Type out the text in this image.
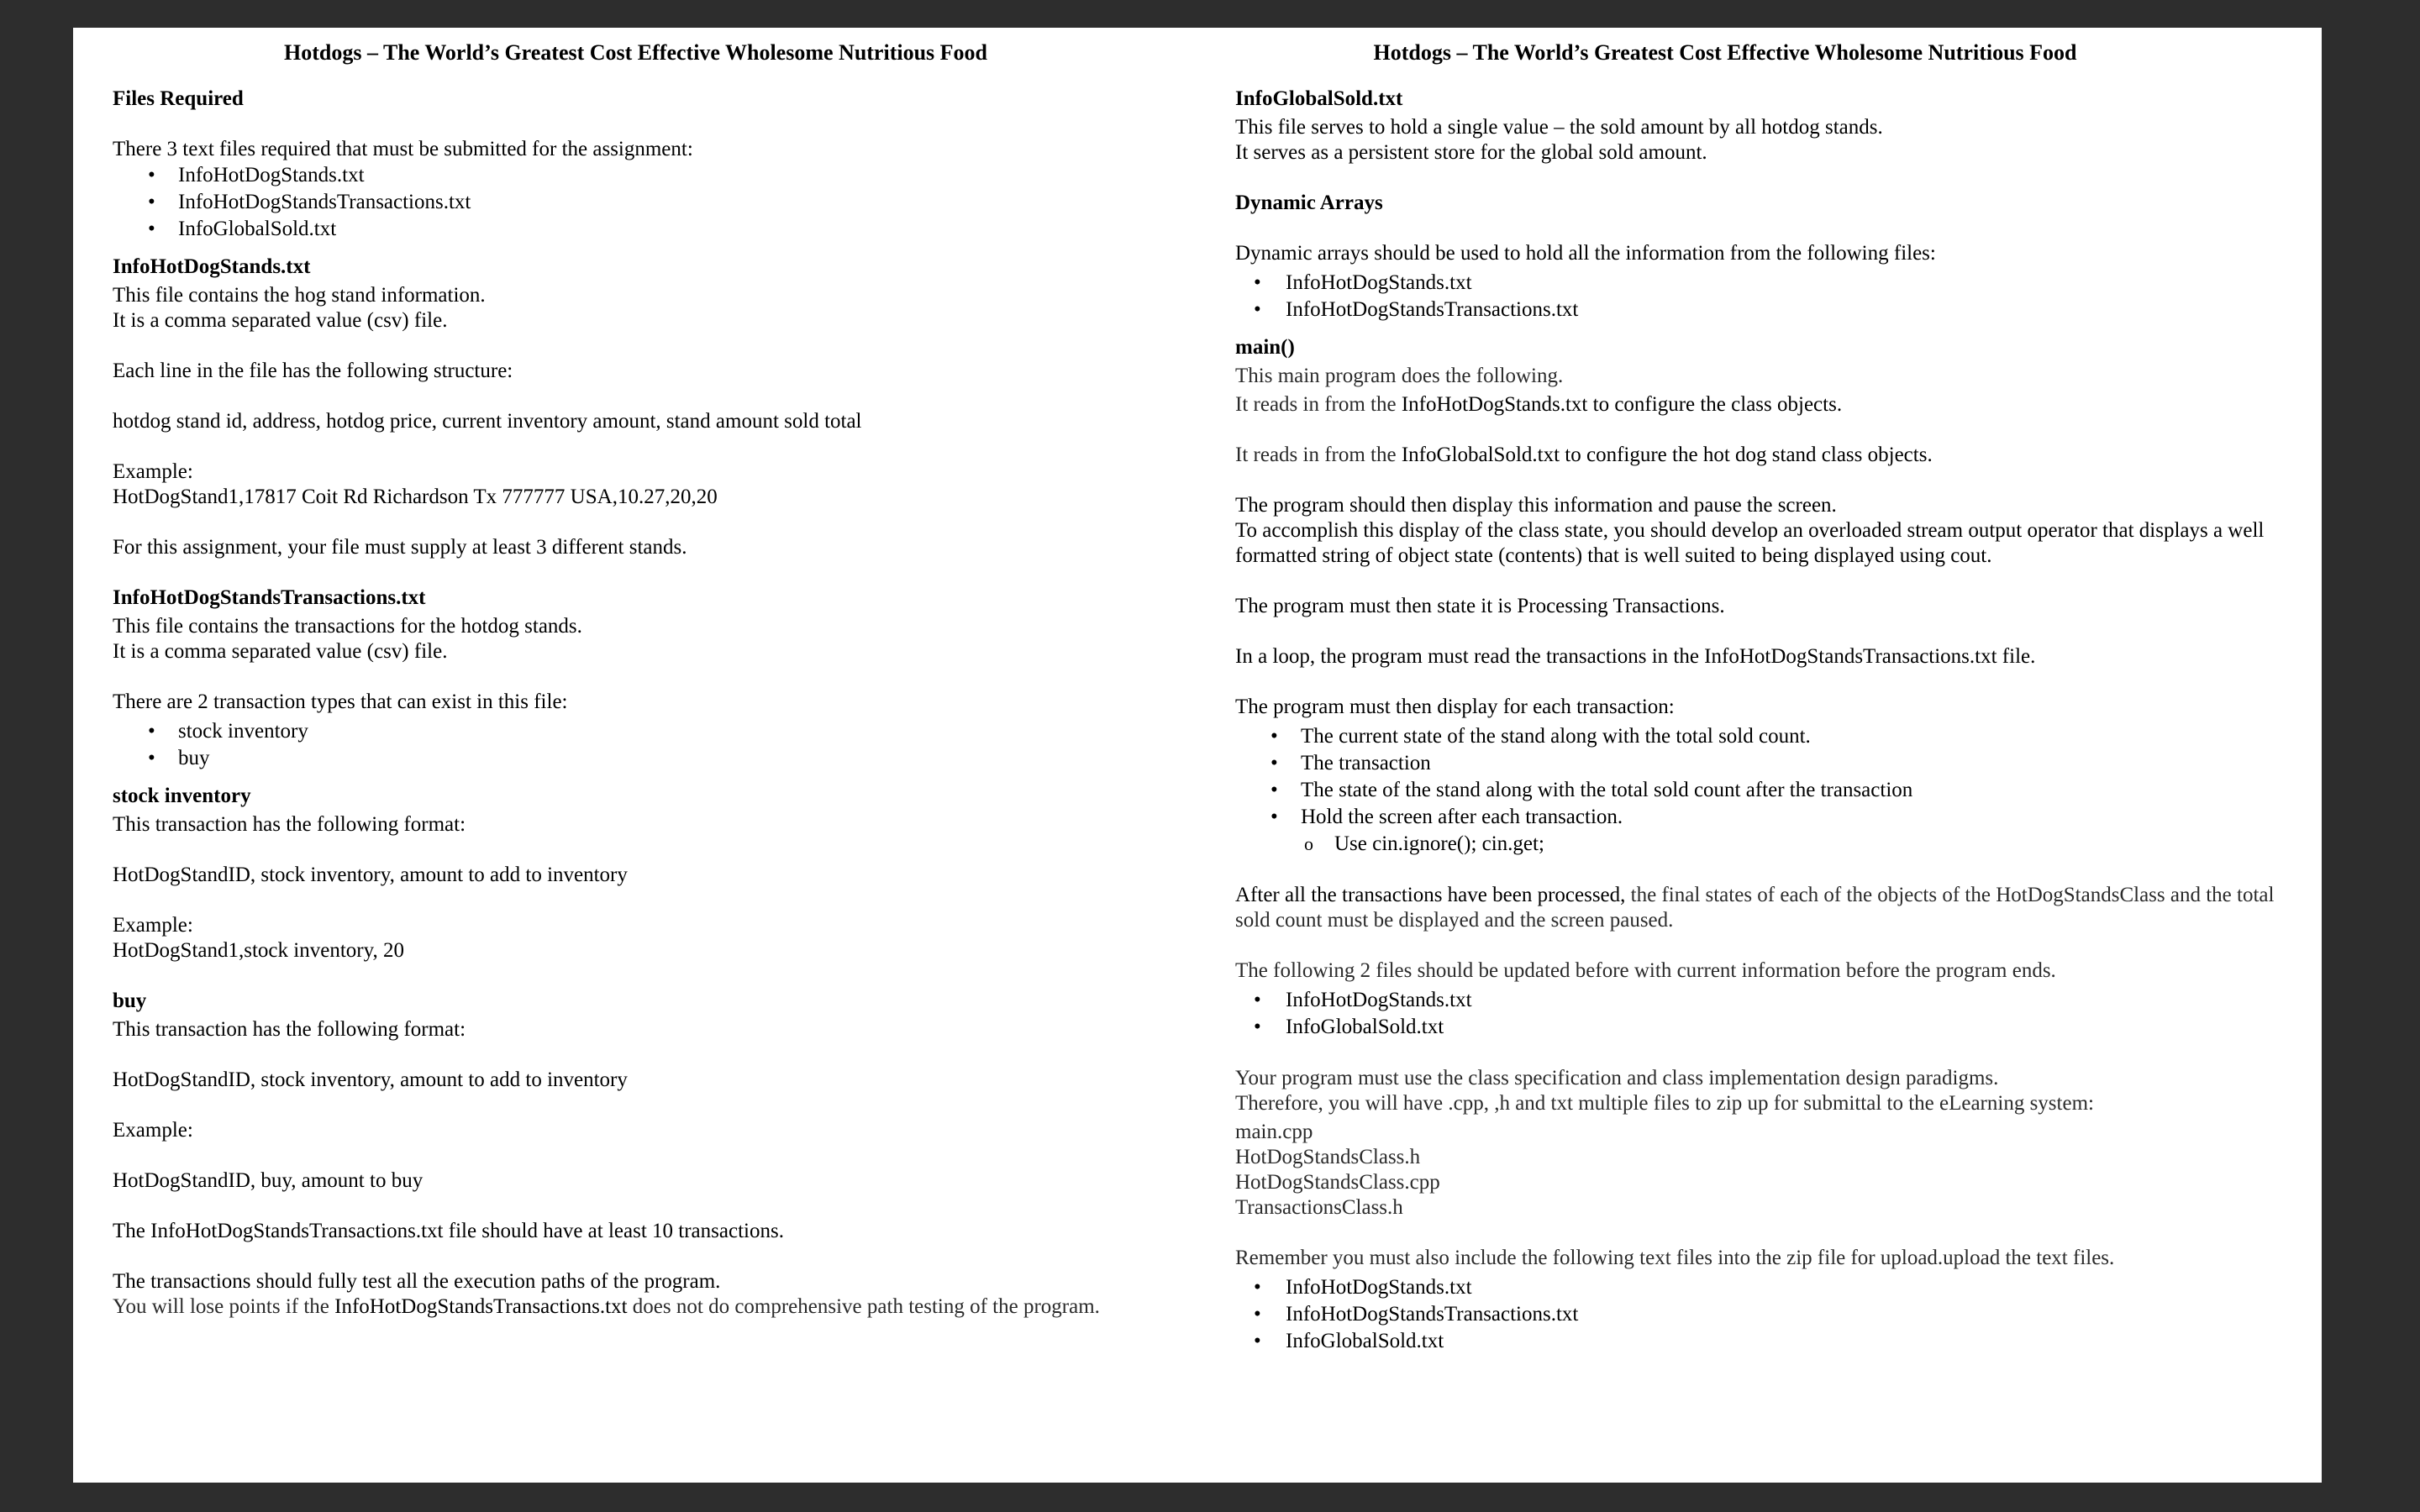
Hotdogs – The World’s Greatest Cost Effective Wholesome Nutritious Food
Files Required

There 3 text files required that must be submitted for the assignment:

• InfoHotDogStands.txt
• InfoHotDogStandsTransactions.txt
• InfoGlobalSold.txt
InfoHotDogStands.txt

This file contains the hog stand information.

It is a comma separated value (csv) file.

Each line in the file has the following structure:

hotdog stand id, address, hotdog price, current inventory amount, stand amount sold total

Example:

HotDogStand1,17817 Coit Rd Richardson Tx 777777 USA,10.27,20,20

For this assignment, your file must supply at least 3 different stands.

InfoHotDogStandsTransactions.txt

This file contains the transactions for the hotdog stands.

It is a comma separated value (csv) file.

There are 2 transaction types that can exist in this file:

• stock inventory
• buy
stock inventory

This transaction has the following format:

HotDogStandID, stock inventory, amount to add to inventory

Example:

HotDogStand1,stock inventory, 20

buy

This transaction has the following format:

HotDogStandID, stock inventory, amount to add to inventory

Example:

HotDogStandID, buy, amount to buy

The InfoHotDogStandsTransactions.txt file should have at least 10 transactions.

The transactions should fully test all the execution paths of the program.

You will lose points if the InfoHotDogStandsTransactions.txt does not do comprehensive path testing of the program.

Hotdogs – The World’s Greatest Cost Effective Wholesome Nutritious Food
InfoGlobalSold.txt

This file serves to hold a single value – the sold amount by all hotdog stands.

It serves as a persistent store for the global sold amount.

Dynamic Arrays

Dynamic arrays should be used to hold all the information from the following files:

• InfoHotDogStands.txt
• InfoHotDogStandsTransactions.txt
main()

This main program does the following.

It reads in from the InfoHotDogStands.txt to configure the class objects.

It reads in from the InfoGlobalSold.txt to configure the hot dog stand class objects.

The program should then display this information and pause the screen.

To accomplish this display of the class state, you should develop an overloaded stream output operator that displays a well formatted string of object state (contents) that is well suited to being displayed using cout.

The program must then state it is Processing Transactions.

In a loop, the program must read the transactions in the InfoHotDogStandsTransactions.txt file.

The program must then display for each transaction:

• The current state of the stand along with the total sold count.
• The transaction
• The state of the stand along with the total sold count after the transaction
• Hold the screen after each transaction.
o Use cin.ignore(); cin.get;

After all the transactions have been processed, the final states of each of the objects of the HotDogStandsClass and the total sold count must be displayed and the screen paused.

The following 2 files should be updated before with current information before the program ends.

• InfoHotDogStands.txt
• InfoGlobalSold.txt

Your program must use the class specification and class implementation design paradigms.

Therefore, you will have .cpp, ,h and txt multiple files to zip up for submittal to the eLearning system:

main.cpp

HotDogStandsClass.h

HotDogStandsClass.cpp

TransactionsClass.h

Remember you must also include the following text files into the zip file for upload.upload the text files.

• InfoHotDogStands.txt
• InfoHotDogStandsTransactions.txt
• InfoGlobalSold.txt
